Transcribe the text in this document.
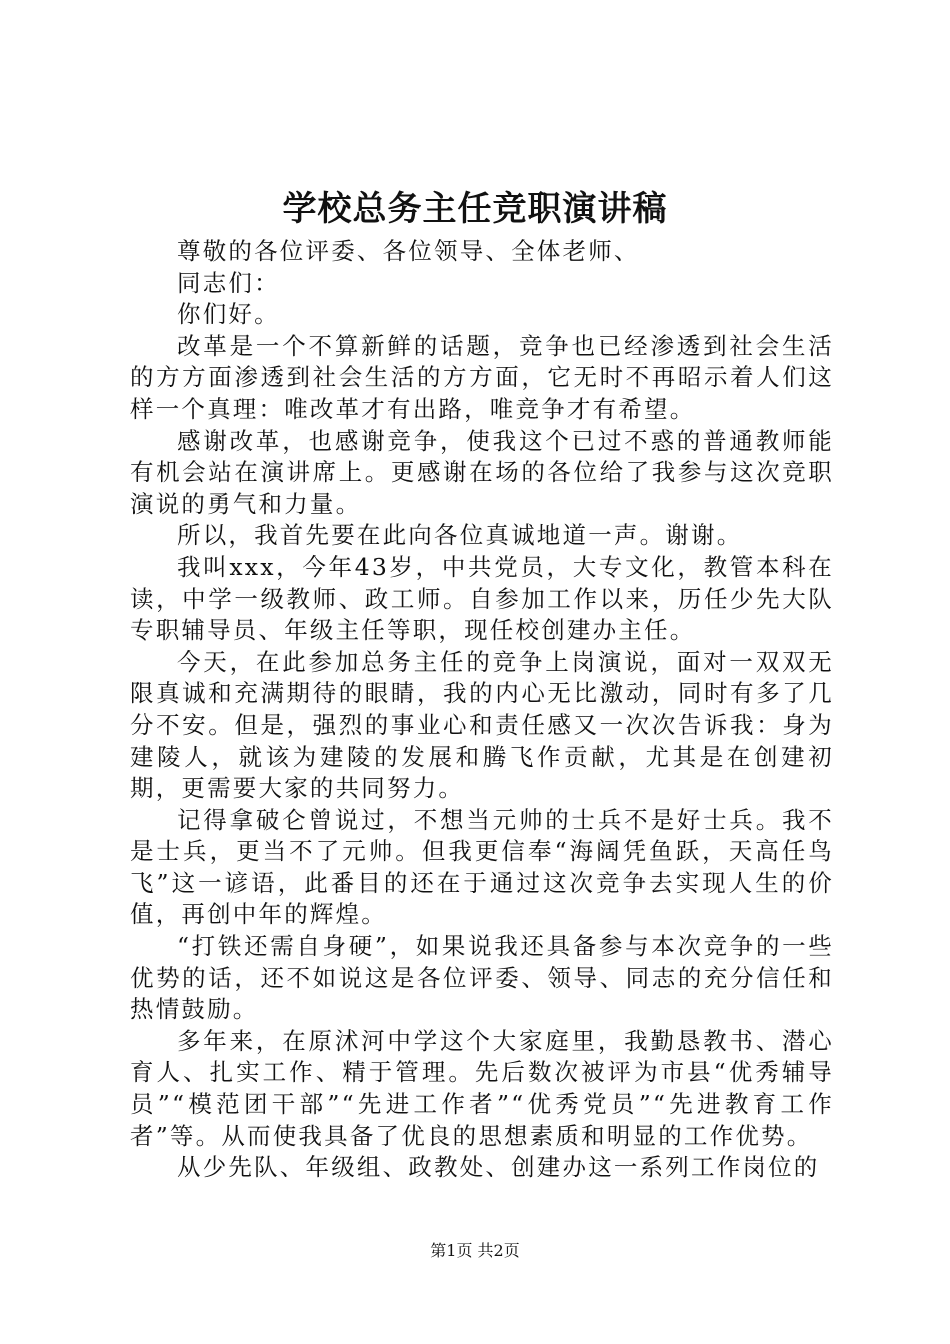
学校总务主任竞职演讲稿

尊敬的各位评委、各位领导、全体老师、

同志们：

你们好。

改革是一个不算新鲜的话题，竞争也已经渗透到社会生活的方方面渗透到社会生活的方方面，它无时不再昭示着人们这样一个真理：唯改革才有出路，唯竞争才有希望。

感谢改革，也感谢竞争，使我这个已过不惑的普通教师能有机会站在演讲席上。更感谢在场的各位给了我参与这次竞职演说的勇气和力量。

所以，我首先要在此向各位真诚地道一声。谢谢。

我叫xxx，今年43岁，中共党员，大专文化，教管本科在读，中学一级教师、政工师。自参加工作以来，历任少先大队专职辅导员、年级主任等职，现任校创建办主任。

今天，在此参加总务主任的竞争上岗演说，面对一双双无限真诚和充满期待的眼睛，我的内心无比激动，同时有多了几分不安。但是，强烈的事业心和责任感又一次次告诉我：身为建陵人，就该为建陵的发展和腾飞作贡献，尤其是在创建初期，更需要大家的共同努力。

记得拿破仑曾说过，不想当元帅的士兵不是好士兵。我不是士兵，更当不了元帅。但我更信奉“海阔凭鱼跃，天高任鸟飞”这一谚语，此番目的还在于通过这次竞争去实现人生的价值，再创中年的辉煌。

“打铁还需自身硬”，如果说我还具备参与本次竞争的一些优势的话，还不如说这是各位评委、领导、同志的充分信任和热情鼓励。

多年来，在原沭河中学这个大家庭里，我勤恳教书、潜心育人、扎实工作、精于管理。先后数次被评为市县“优秀辅导员”“模范团干部”“先进工作者”“优秀党员”“先进教育工作者”等。从而使我具备了优良的思想素质和明显的工作优势。

从少先队、年级组、政教处、创建办这一系列工作岗位的

第1页 共2页
